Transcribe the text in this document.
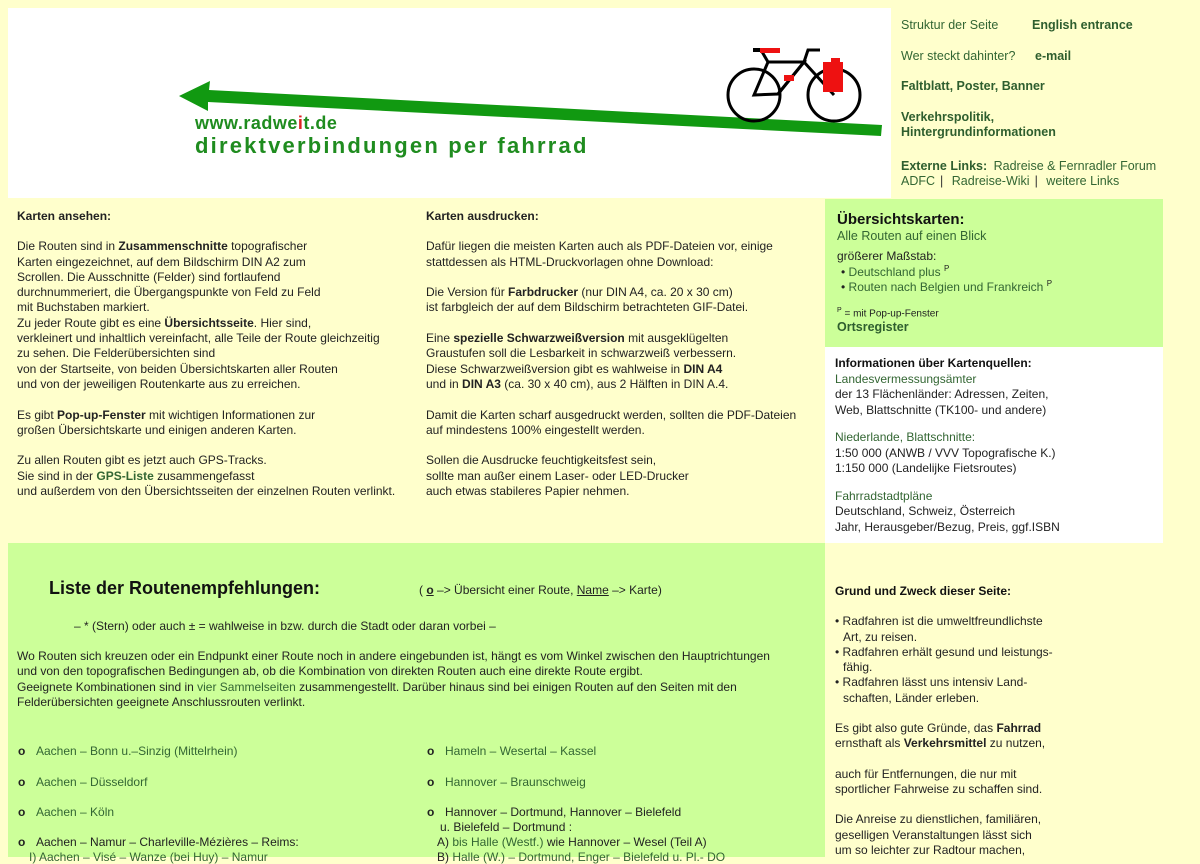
www.radweit.de
direktverbindungen per fahrrad
Struktur der Seite	English entrance
Wer steckt dahinter? e-mail
Faltblatt, Poster, Banner
Verkehrspolitik,
Hintergrundinformationen
Externe Links: Radreise & Fernradler Forum
ADFC | Radreise-Wiki | weitere Links
Karten ansehen:

Die Routen sind in Zusammenschnitte topografischer

Karten eingezeichnet, auf dem Bildschirm DIN A2 zum

Scrollen. Die Ausschnitte (Felder) sind fortlaufend

durchnummeriert, die Übergangspunkte von Feld zu Feld

mit Buchstaben markiert.

Zu jeder Route gibt es eine Übersichtsseite. Hier sind,

verkleinert und inhaltlich vereinfacht, alle Teile der Route gleichzeitig

zu sehen. Die Felderübersichten sind

von der Startseite, von beiden Übersichtskarten aller Routen

und von der jeweiligen Routenkarte aus zu erreichen.

Es gibt Pop-up-Fenster mit wichtigen Informationen zur

großen Übersichtskarte und einigen anderen Karten.

Zu allen Routen gibt es jetzt auch GPS-Tracks.

Sie sind in der GPS-Liste zusammengefasst

und außerdem von den Übersichtsseiten der einzelnen Routen verlinkt.

Karten ausdrucken:

Dafür liegen die meisten Karten auch als PDF-Dateien vor, einige

stattdessen als HTML-Druckvorlagen ohne Download:

Die Version für Farbdrucker (nur DIN A4, ca. 20 x 30 cm)

ist farbgleich der auf dem Bildschirm betrachteten GIF-Datei.

Eine spezielle Schwarzweißversion mit ausgeklügelten

Graustufen soll die Lesbarkeit in schwarzweiß verbessern.

Diese Schwarzweißversion gibt es wahlweise in DIN A4

und in DIN A3 (ca. 30 x 40 cm), aus 2 Hälften in DIN A.4.

Damit die Karten scharf ausgedruckt werden, sollten die PDF-Dateien

auf mindestens 100% eingestellt werden.

Sollen die Ausdrucke feuchtigkeitsfest sein,

sollte man außer einem Laser- oder LED-Drucker

auch etwas stabileres Papier nehmen.

Übersichtskarten:
Alle Routen auf einen Blick
größerer Maßstab:
• Deutschland plus $^P$
• Routen nach Belgien und Frankreich $^P$
$^P$ = mit Pop-up-Fenster
Ortsregister

Informationen über Kartenquellen:

Landesvermessungsämter

der 13 Flächenländer: Adressen, Zeiten,

Web, Blattschnitte (TK100- und andere)

Niederlande, Blattschnitte:

1:50 000 (ANWB / VVV Topografische K.)

1:150 000 (Landelijke Fietsroutes)

Fahrradstadtpläne

Deutschland, Schweiz, Österreich

Jahr, Herausgeber/Bezug, Preis, ggf.ISBN

Liste der Routenempfehlungen:	( o –> Übersicht einer Route, Name –> Karte)
– * (Stern) oder auch ± = wahlweise in bzw. durch die Stadt oder daran vorbei –

Wo Routen sich kreuzen oder ein Endpunkt einer Route noch in andere eingebunden ist, hängt es vom Winkel zwischen den Hauptrichtungen

und von den topografischen Bedingungen ab, ob die Kombination von direkten Routen auch eine direkte Route ergibt.

Geeignete Kombinationen sind in vier Sammelseiten zusammengestellt. Darüber hinaus sind bei einigen Routen auf den Seiten mit den

Felderübersichten geeignete Anschlussrouten verlinkt.

o Aachen – Bonn u.–Sinzig (Mittelrhein)
o Aachen – Düsseldorf
o Aachen – Köln
o Aachen – Namur – Charleville-Mézières – Reims:
I) Aachen – Visé – Wanze (bei Huy) – Namur
o Hameln – Wesertal – Kassel
o Hannover – Braunschweig
o Hannover – Dortmund, Hannover – Bielefeld
u. Bielefeld – Dortmund :
A) bis Halle (Westf.) wie Hannover – Wesel (Teil A)
B) Halle (W.) – Dortmund, Enger – Bielefeld u. Pl.- DO

Grund und Zweck dieser Seite:

• Radfahren ist die umweltfreundlichste

Art, zu reisen.

• Radfahren erhält gesund und leistungs-

fähig.

• Radfahren lässt uns intensiv Land-

schaften, Länder erleben.

Es gibt also gute Gründe, das Fahrrad

ernsthaft als Verkehrsmittel zu nutzen,

auch für Entfernungen, die nur mit

sportlicher Fahrweise zu schaffen sind.

Die Anreise zu dienstlichen, familiären,

geselligen Veranstaltungen lässt sich

um so leichter zur Radtour machen,
